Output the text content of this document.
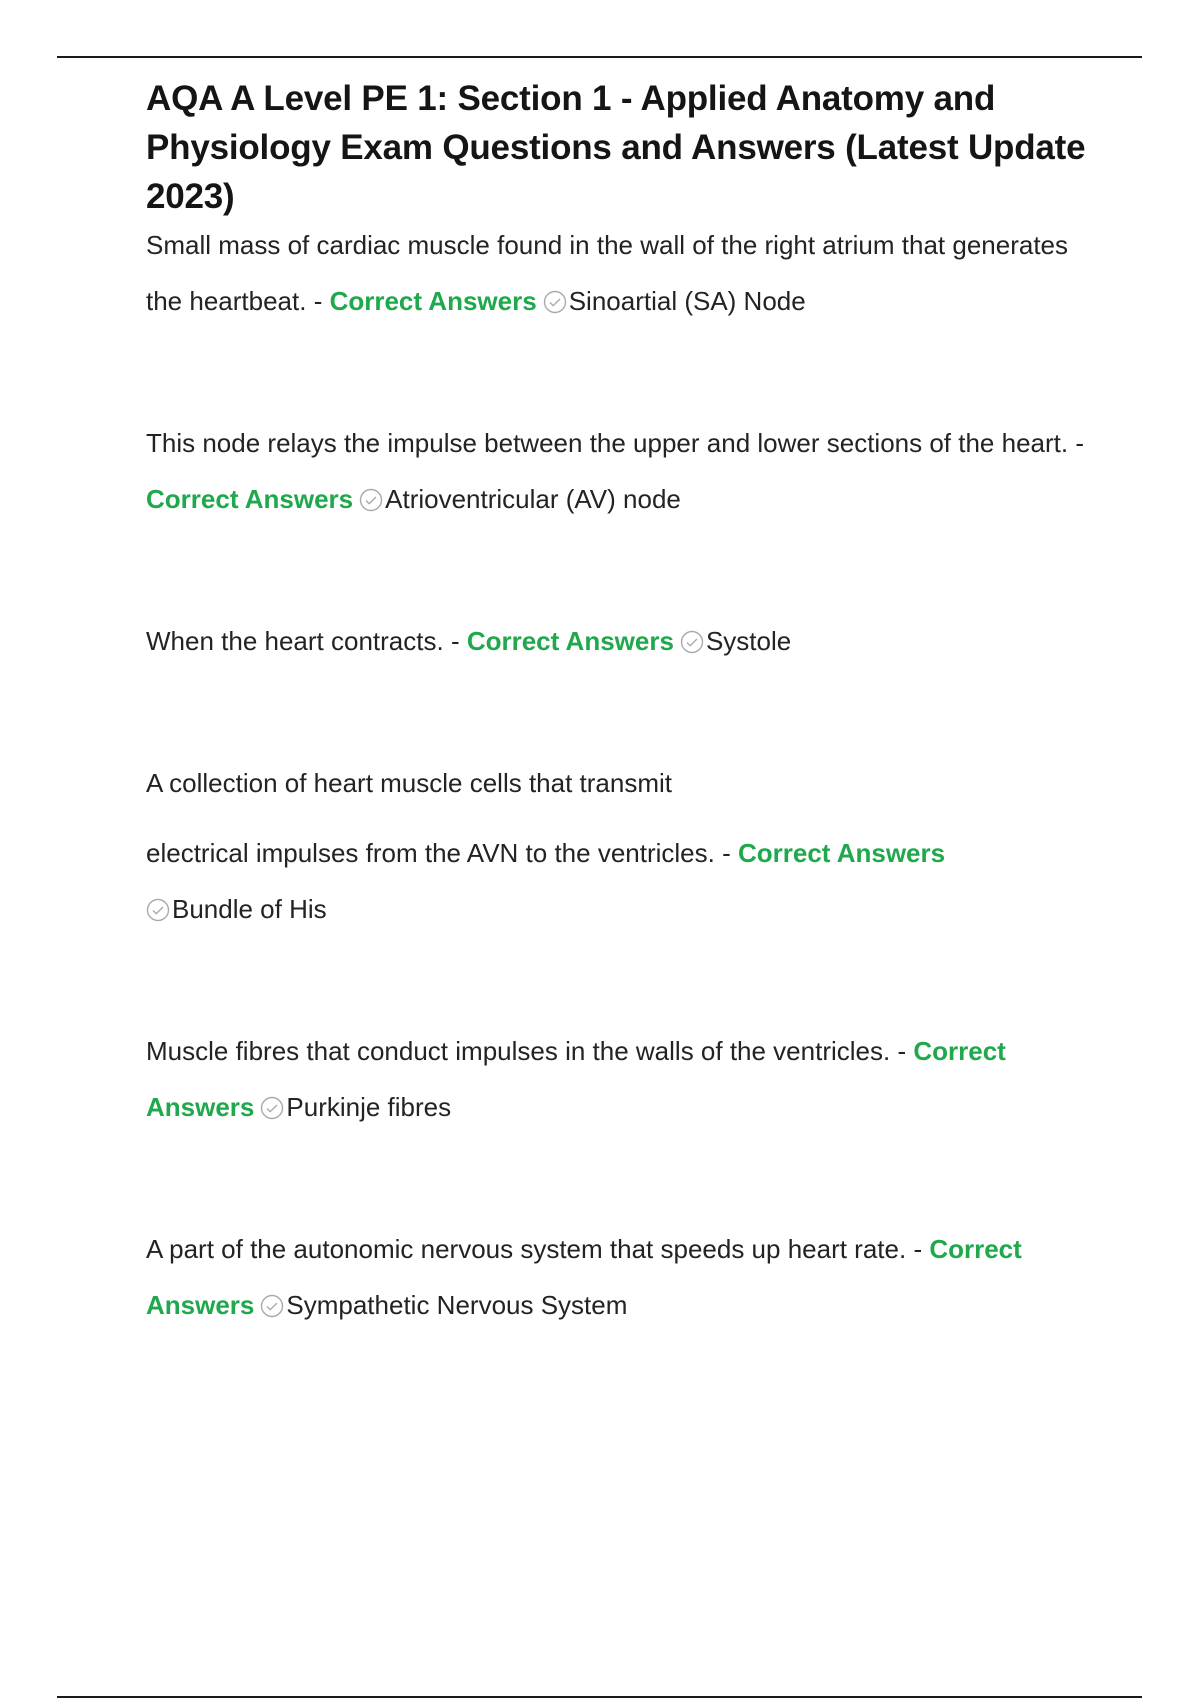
AQA A Level PE 1: Section 1 - Applied Anatomy and Physiology Exam Questions and Answers (Latest Update 2023)

Small mass of cardiac muscle found in the wall of the right atrium that generates the heartbeat. - Correct Answers Sinoartial (SA) Node

This node relays the impulse between the upper and lower sections of the heart. - Correct Answers Atrioventricular (AV) node

When the heart contracts. - Correct Answers Systole

A collection of heart muscle cells that transmit

electrical impulses from the AVN to the ventricles. - Correct Answers

Bundle of His

Muscle fibres that conduct impulses in the walls of the ventricles. - Correct Answers Purkinje fibres

A part of the autonomic nervous system that speeds up heart rate. - Correct Answers Sympathetic Nervous System
